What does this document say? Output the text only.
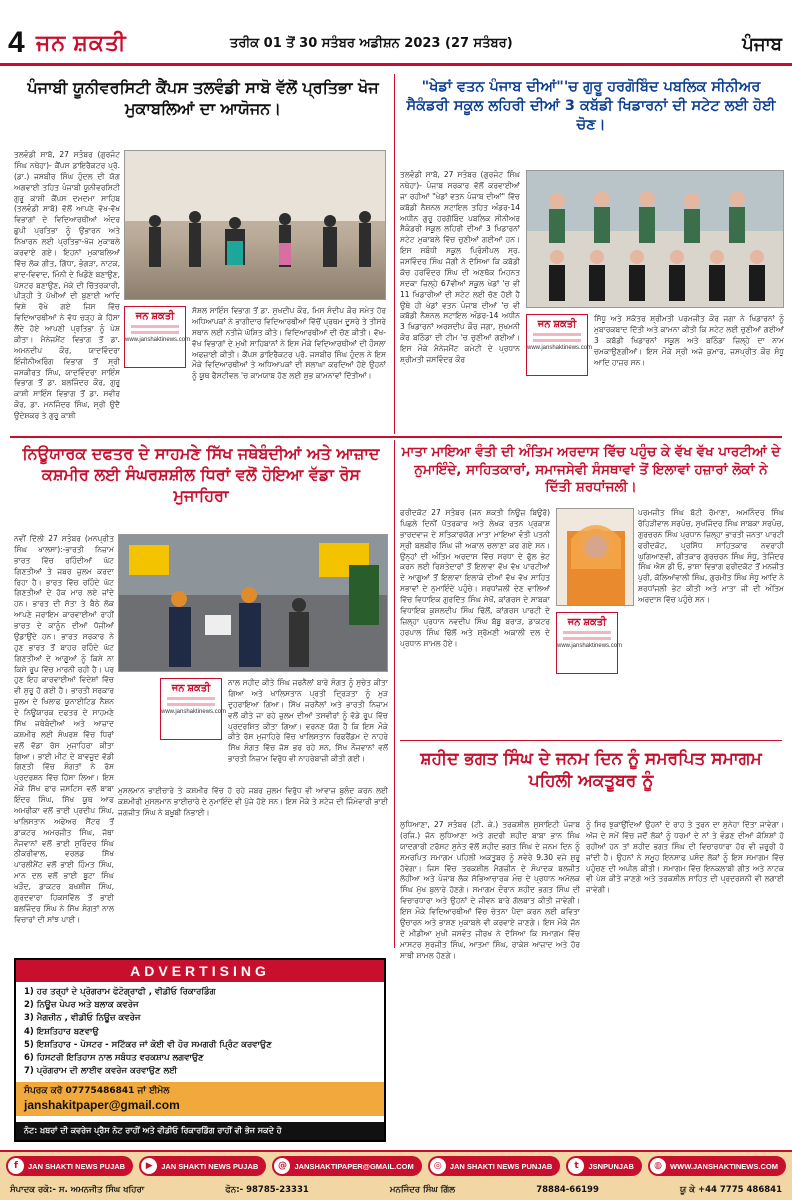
4 ਜਨ ਸ਼ਕਤੀ	ਤਰੀਕ 01 ਤੋਂ 30 ਸਤੰਬਰ ਅਡੀਸ਼ਨ 2023 (27 ਸਤੰਬਰ)	ਪੰਜਾਬ
ਪੰਜਾਬੀ ਯੂਨੀਵਰਸਿਟੀ ਕੈਂਪਸ ਤਲਵੰਡੀ ਸਾਬੋ ਵੱਲੋਂ ਪ੍ਰਤਿਭਾ ਖੋਜ ਮੁਕਾਬਲਿਆਂ ਦਾ ਆਯੋਜਨ।
ਤਲਵੰਡੀ ਸਾਬੋ, 27 ਸਤੰਬਰ (ਗੁਰਜੰਟ ਸਿੰਘ ਨਥੇਹਾ)- ਕੈਂਪਸ ਡਾਇਰੈਕਟਰ ਪ੍ਰੋ. (ਡਾ.) ਜਸਬੀਰ ਸਿੰਘ ਹੁੰਦਲ ਦੀ ਯੋਗ ਅਗਵਾਈ ਤਹਿਤ ਪੰਜਾਬੀ ਯੂਨੀਵਰਸਿਟੀ ਗੁਰੂ ਕਾਸ਼ੀ ਕੈਂਪਸ ਦਮਦਮਾ ਸਾਹਿਬ (ਤਲਵੰਡੀ ਸਾਬੋ) ਵੱਲੋਂ ਆਪਣੇ ਵੱਖ-ਵੱਖ ਵਿਭਾਗਾਂ ਦੇ ਵਿਦਿਆਰਥੀਆਂ ਅੰਦਰ ਛੁਪੀ ਪ੍ਰਤਿਭਾ ਨੂੰ ਉਭਾਰਨ ਅਤੇ ਨਿਖਾਰਨ ਲਈ ਪ੍ਰਤਿਭਾ-ਖੋਜ ਮੁਕਾਬਲੇ ਕਰਵਾਏ ਗਏ। ਇਹਨਾਂ ਮੁਕਾਬਲਿਆਂ ਵਿੱਚ ਲੋਕ ਗੀਤ, ਗਿੱਧਾ, ਭੰਗੜਾ, ਨਾਟਕ, ਵਾਦ-ਵਿਵਾਦ, ਮਿੰਨੀ ਦੇ ਖਿਡੌਣੇ ਬਣਾਉਣ, ਪੋਸਟਰ ਬਣਾਉਣ, ਮੋਕੇ ਦੀ ਚਿੱਤਰਕਾਰੀ, ਪੀੜ੍ਹੀ ਤੇ ਪੱਖੀਆਂ ਦੀ ਬੁਣਾਈ ਆਦਿ ਵਿਸ਼ੇ ਰੱਖੇ ਗਏ ਜਿਸ ਵਿੱਚ ਵਿਦਿਆਰਥੀਆਂ ਨੇ ਵੱਧ ਚੜ੍ਹ ਕੇ ਹਿੱਸਾ ਲੈਂਦੇ ਹੋਏ ਆਪਣੀ ਪ੍ਰਤਿਭਾ ਨੂੰ ਪੇਸ਼ ਕੀਤਾ। ਮੈਨੇਜਮੈਂਟ ਵਿਭਾਗ ਤੋਂ ਡਾ. ਅਮਨਦੀਪ ਕੌਰ, ਯਾਦਵਿੰਦਰਾ ਇੰਜੀਨੀਅਰਿੰਗ ਵਿਭਾਗ ਤੋਂ ਸ੍ਰੀ ਜਸਕੀਰਤ ਸਿੰਘ, ਯਾਦਵਿੰਦਰਾ ਸਾਇੰਸ ਵਿਭਾਗ ਤੋਂ ਡਾ. ਬਲਜਿੰਦਰ ਕੌਰ, ਗੁਰੂ ਕਾਸ਼ੀ ਸਾਇੰਸ ਵਿਭਾਗ ਤੋਂ ਡਾ. ਸਵੀਰ ਕੌਰ, ਡਾ. ਮਨਜਿੰਦਰ ਸਿੰਘ, ਸ੍ਰੀ ਉਦੈ ਉਦੇਸ਼ਕਰ ਤੇ ਗੁਰੂ ਕਾਸ਼ੀ
ਜਨ ਸ਼ਕਤੀ
www.janshaktinews.com
ਸੋਸ਼ਲ ਸਾਇੰਸ ਵਿਭਾਗ ਤੋਂ ਡਾ. ਸੁਖਦੀਪ ਕੌਰ, ਮਿਸ ਸੰਦੀਪ ਕੌਰ ਸਮੇਤ ਹੋਰ ਅਧਿਆਪਕਾਂ ਨੇ ਭਾਗੀਦਾਰ ਵਿਦਿਆਰਥੀਆਂ ਵਿੱਚੋਂ ਪ੍ਰਥਮ ਦੂਸਰੇ ਤੇ ਤੀਸਰੇ ਸਥਾਨ ਲਈ ਨਤੀਜੇ ਘੋਸ਼ਿਤ ਕੀਤੇ। ਵਿਦਿਆਰਥੀਆਂ ਦੀ ਚੋਣ ਕੀਤੀ। ਵੱਖ-ਵੱਖ ਵਿਭਾਗਾਂ ਦੇ ਮੁਖੀ ਸਾਹਿਬਾਨਾਂ ਨੇ ਇਸ ਮੌਕੇ ਵਿਦਿਆਰਥੀਆਂ ਦੀ ਹੌਸਲਾ ਅਫਜ਼ਾਈ ਕੀਤੀ। ਕੈਂਪਸ ਡਾਇਰੈਕਟਰ ਪ੍ਰੋ. ਜਸਬੀਰ ਸਿੰਘ ਹੁੰਦਲ ਨੇ ਇਸ ਮੌਕੇ ਵਿਦਿਆਰਥੀਆਂ ਤੇ ਅਧਿਆਪਕਾਂ ਦੀ ਸ਼ਲਾਘਾ ਕਰਦਿਆਂ ਹੋਏ ਉਹਨਾਂ ਨੂੰ ਯੂਥ ਫੈਸਟੀਵਲ 'ਚ ਕਾਮਯਾਬ ਹੋਣ ਲਈ ਸ਼ੁਭ ਕਾਮਨਾਵਾਂ ਦਿੱਤੀਆਂ।
"ਖੇਡਾਂ ਵਤਨ ਪੰਜਾਬ ਦੀਆਂ"'ਚ ਗੁਰੂ ਹਰਗੋਬਿੰਦ ਪਬਲਿਕ ਸੀਨੀਅਰ ਸੈਕੰਡਰੀ ਸਕੂਲ ਲਹਿਰੀ ਦੀਆਂ 3 ਕਬੱਡੀ ਖਿਡਾਰਨਾਂ ਦੀ ਸਟੇਟ ਲਈ ਹੋਈ ਚੋਣ।
ਤਲਵੰਡੀ ਸਾਬੋ, 27 ਸਤੰਬਰ (ਗੁਰਜੰਟ ਸਿੰਘ ਨਥੇਹਾ)- ਪੰਜਾਬ ਸਰਕਾਰ ਵੱਲੋਂ ਕਰਵਾਈਆਂ ਜਾ ਰਹੀਆਂ "ਖੇਡਾਂ ਵਤਨ ਪੰਜਾਬ ਦੀਆਂ" ਵਿੱਚ ਕਬੱਡੀ ਨੈਸ਼ਨਲ ਸਟਾਇਲ ਤਹਿਤ ਅੰਡਰ-14 ਅਧੀਨ ਗੁਰੂ ਹਰਗੋਬਿੰਦ ਪਬਲਿਕ ਸੀਨੀਅਰ ਸੈਕੰਡਰੀ ਸਕੂਲ ਲਹਿਰੀ ਦੀਆਂ 3 ਖਿਡਾਰਨਾਂ ਸਟੇਟ ਮੁਕਾਬਲੇ ਵਿੱਚ ਚੁਣੀਆਂ ਗਈਆਂ ਹਨ। ਇਸ ਸਬੰਧੀ ਸਕੂਲ ਪ੍ਰਿੰਸੀਪਲ ਸ੍ਰ. ਜਸਵਿੰਦਰ ਸਿੰਘ ਜੋਗੀ ਨੇ ਦੱਸਿਆ ਕਿ ਕਬੱਡੀ ਕੋਚ ਹਰਵਿੰਦਰ ਸਿੰਘ ਦੀ ਅਣਥੱਕ ਮਿਹਨਤ ਸਦਕਾ ਜ਼ਿਲ੍ਹੇ 67ਵੀਆਂ ਸਕੂਲ ਖੇਡਾਂ 'ਚ ਵੀ 11 ਖਿਡਾਰੀਆਂ ਦੀ ਸਟੇਟ ਲਈ ਚੋਣ ਹੋਈ ਹੈ ਉਥੇ ਹੀ ਖੇਡਾਂ ਵਤਨ ਪੰਜਾਬ ਦੀਆਂ 'ਚ ਵੀ ਕਬੱਡੀ ਨੈਸ਼ਨਲ ਸਟਾਇਲ ਅੰਡਰ-14 ਅਧੀਨ 3 ਖਿਡਾਰਨਾਂ ਅਰਸ਼ਦੀਪ ਕੌਰ ਜਗਾ, ਸੁਖਮਨੀ ਕੌਰ ਬਠਿੰਡਾ ਦੀ ਟੀਮ 'ਚ ਚੁਣੀਆਂ ਗਈਆਂ। ਇਸ ਮੌਕੇ ਮੈਨੇਜਮੈਂਟ ਕਮੇਟੀ ਦੇ ਪ੍ਰਧਾਨ ਸ਼੍ਰੀਮਤੀ ਜਸਵਿੰਦਰ ਕੌਰ
ਜਨ ਸ਼ਕਤੀ
www.janshaktinews.com
ਸਿੱਧੂ ਅਤੇ ਸਕੱਤਰ ਸ਼੍ਰੀਮਤੀ ਪਰਮਜੀਤ ਕੌਰ ਜਗਾ ਨੇ ਖਿਡਾਰਨਾਂ ਨੂੰ ਮੁਬਾਰਕਬਾਦ ਦਿੱਤੀ ਅਤੇ ਕਾਮਨਾ ਕੀਤੀ ਕਿ ਸਟੇਟ ਲਈ ਚੁਣੀਆਂ ਗਈਆਂ 3 ਕਬੱਡੀ ਖਿਡਾਰਨਾਂ ਸਕੂਲ ਅਤੇ ਬਠਿੰਡਾ ਜ਼ਿਲ੍ਹੇ ਦਾ ਨਾਮ ਚਮਕਾਉਣਗੀਆਂ। ਇਸ ਮੌਕੇ ਸ੍ਰੀ ਅਜੇ ਕੁਮਾਰ, ਜਸਪ੍ਰੀਤ ਕੌਰ ਸੰਧੂ ਆਦਿ ਹਾਜ਼ਰ ਸਨ।
ਨਿਊਯਾਰਕ ਦਫਤਰ ਦੇ ਸਾਹਮਣੇ ਸਿੱਖ ਜਥੇਬੰਦੀਆਂ ਅਤੇ ਆਜ਼ਾਦ ਕਸ਼ਮੀਰ ਲਈ ਸੰਘਰਸ਼ਸ਼ੀਲ ਧਿਰਾਂ ਵਲੋਂ ਹੋਇਆ ਵੱਡਾ ਰੋਸ ਮੁਜਾਹਿਰਾ
ਨਵੀਂ ਦਿੱਲੀ 27 ਸਤੰਬਰ (ਮਨਪ੍ਰੀਤ ਸਿੰਘ ਖਾਲਸਾ):-ਭਾਰਤੀ ਨਿਜ਼ਾਮ ਭਾਰਤ ਵਿੱਚ ਰਹਿੰਦੀਆਂ ਘੱਟ ਗਿਣਤੀਆਂ ਤੇ ਜਬਰ ਜ਼ੁਲਮ ਕਰਦਾ ਰਿਹਾ ਹੈ। ਭਾਰਤ ਵਿੱਚ ਰਹਿੰਦੇ ਘੱਟ ਗਿਣਤੀਆਂ ਦੇ ਹੱਕ ਮਾਰ ਲਏ ਜਾਂਦੇ ਹਨ। ਭਾਰਤ ਦੀ ਸੱਤਾ ਤੇ ਬੈਠੇ ਲੋਕ ਆਪਣੇ ਜਰਾਇਮ ਕਾਰਵਾਈਆਂ ਰਾਹੀਂ ਭਾਰਤ ਦੇ ਕਾਨੂੰਨ ਦੀਆਂ ਧੱਜੀਆਂ ਉਡਾਉਂਦੇ ਹਨ। ਭਾਰਤ ਸਰਕਾਰ ਨੇ ਹੁਣ ਭਾਰਤ ਤੋਂ ਬਾਹਰ ਰਹਿੰਦੇ ਘੱਟ ਗਿਣਤੀਆਂ ਦੇ ਆਗੂਆਂ ਨੂੰ ਕਿਸੇ ਨਾ ਕਿਸੇ ਰੂਪ ਵਿੱਚ ਮਾਰਨੀ ਰਹੀ ਹੈ। ਪਰ ਹੁਣ ਇਹ ਕਾਰਵਾਈਆਂ ਵਿਦੇਸ਼ਾਂ ਵਿੱਚ ਵੀ ਸ਼ੁਰੂ ਹੋ ਗਈ ਹੈ। ਭਾਰਤੀ ਸਰਕਾਰ ਜ਼ੁਲਮ ਦੇ ਖਿਲਾਫ ਯੂਨਾਈਟਿਡ ਨੈਸ਼ਨ ਦੇ ਨਿਊਯਾਰਕ ਦਫਤਰ ਦੇ ਸਾਹਮਣੇ ਸਿੱਖ ਜਥੇਬੰਦੀਆਂ ਅਤੇ ਆਜ਼ਾਦ ਕਸ਼ਮੀਰ ਲਈ ਸੰਘਰਸ਼ ਵਿੱਚ ਧਿਰਾਂ ਵਲੋਂ ਵੱਡਾ ਰੋਸ ਮੁਜਾਹਿਰਾ ਕੀਤਾ ਗਿਆ। ਭਾਈ ਮੀਟ ਦੇ ਬਾਵਜੂਦ ਵੱਡੀ ਗਿਣਤੀ ਵਿੱਚ ਸੰਗਤਾਂ ਨੇ ਰੋਸ ਪ੍ਰਦਰਸ਼ਨ ਵਿੱਚ ਹਿੱਸਾ ਲਿਆ। ਇਸ ਮੌਕੇ ਸਿੱਖ ਫਾਰ ਜਸਟਿਸ ਵਲੋਂ ਬਾਬਾ ਇੰਦਰ ਸਿੰਘ, ਸਿੱਖ ਯੂਥ ਆਫ ਅਮਰੀਕਾ ਵਲੋਂ ਭਾਈ ਪ੍ਰਦੀਪ ਸਿੰਘ, ਖਾਲਿਸਤਾਨ ਅਫੇਅਰ ਸੈਂਟਰ ਤੋਂ ਡਾਕਟਰ ਅਮਰਜੀਤ ਸਿੰਘ, ਜੱਥਾ ਨੌਜਵਾਨਾਂ ਵਲੋਂ ਭਾਈ ਸੁਰਿੰਦਰ ਸਿੰਘ ਠੀਕਰੀਵਾਲ, ਵਰਲਡ ਸਿੱਖ ਪਾਰਲੀਮੈਂਟ ਵਲੋਂ ਭਾਈ ਹਿੰਮਤ ਸਿੰਘ, ਮਾਨ ਦਲ ਵਲੋਂ ਭਾਈ ਬੂਟਾ ਸਿੰਘ ਖੜੌਦ, ਡਾਕਟਰ ਬਖਸ਼ੀਸ਼ ਸਿੰਘ, ਗੁਰਦਵਾਰਾ ਹਿਕਸਵਿੱਲ ਤੋਂ ਭਾਈ ਬਲਜਿੰਦਰ ਸਿੰਘ ਨੇ ਸਿੱਖ ਸੰਗਤਾਂ ਨਾਲ ਵਿਚਾਰਾਂ ਦੀ ਸਾਂਝ ਪਾਈ।
ਜਨ ਸ਼ਕਤੀ
www.janshaktinews.com
ਨਾਲ ਸਹੀਦ ਕੀਤੇ ਸਿੰਘ ਜਰਨੈਲਾਂ ਬਾਰੇ ਸੰਗਤ ਨੂੰ ਸੁਚੇਤ ਕੀਤਾ ਗਿਆ ਅਤੇ ਖਾਲਿਸਤਾਨ ਪ੍ਰਤੀ ਦ੍ਰਿੜਤਾ ਨੂੰ ਮੁੜ ਦੁਹਰਾਇਆ ਗਿਆ। ਸਿੱਖ ਜਰਨੈਲਾਂ ਅਤੇ ਭਾਰਤੀ ਨਿਜ਼ਾਮ ਵਲੋਂ ਕੀਤੇ ਜਾ ਰਹੇ ਜ਼ੁਲਮ ਦੀਆਂ ਤਸਵੀਰਾਂ ਨੂੰ ਵੱਡੇ ਰੂਪ ਵਿੱਚ ਪ੍ਰਦਰਸ਼ਿਤ ਕੀਤਾ ਗਿਆ। ਵਰਨਣ ਯੋਗ ਹੈ ਕਿ ਇਸ ਮੌਕੇ ਕੀਤੇ ਰੋਸ ਮੁਜਾਹਿਰੇ ਵਿੱਚ ਖਾਲਿਸਤਾਨ ਰਿਫਰੈਂਡਮ ਦੇ ਨਾਹਰੇ ਸਿੱਖ ਸੰਗਤ ਵਿੱਚ ਜੋਸ਼ ਭਰ ਰਹੇ ਸਨ, ਸਿੱਖ ਨੌਜਵਾਨਾਂ ਵਲੋਂ ਭਾਰਤੀ ਨਿਜ਼ਾਮ ਵਿਰੁੱਧ ਵੀ ਨਾਹਰੇਬਾਜ਼ੀ ਕੀਤੀ ਗਈ।
ਮੁਸਲਮਾਨ ਭਾਈਚਾਰੇ ਤੇ ਕਸ਼ਮੀਰ ਵਿੱਚ ਹੋ ਰਹੇ ਜਬਰ ਜ਼ੁਲਮ ਵਿਰੁੱਧ ਵੀ ਆਵਾਜ਼ ਬੁਲੰਦ ਕਰਨ ਲਈ ਕਸ਼ਮੀਰੀ ਮੁਸਲਮਾਨ ਭਾਈਚਾਰੇ ਦੇ ਨੁਮਾਇੰਦੇ ਵੀ ਪੁੱਜੇ ਹੋਏ ਸਨ। ਇਸ ਮੌਕੇ ਤੇ ਸਟੇਜ ਦੀ ਜਿੰਮੇਵਾਰੀ ਭਾਈ ਜਗਜੀਤ ਸਿੰਘ ਨੇ ਬਖੂਬੀ ਨਿਭਾਈ।
ਮਾਤਾ ਮਾਇਆ ਵੰਤੀ ਦੀ ਅੰਤਿਮ ਅਰਦਾਸ ਵਿੱਚ ਪਹੁੰਚ ਕੇ ਵੱਖ ਵੱਖ ਪਾਰਟੀਆਂ ਦੇ ਨੁਮਾਇੰਦੇ, ਸਾਹਿਤਕਾਰਾਂ, ਸਮਾਜਸੇਵੀ ਸੰਸਥਾਵਾਂ ਤੋਂ ਇਲਾਵਾਂ ਹਜ਼ਾਰਾਂ ਲੋਕਾਂ ਨੇ ਦਿੱਤੀ ਸ਼ਰਧਾਂਜਲੀ।
ਫਰੀਦਕੋਟ 27 ਸਤੰਬਰ (ਜਨ ਸ਼ਕਤੀ ਨਿਊਜ਼ ਬਿਊਰੋ) ਪਿਛਲੇ ਦਿਨੀਂ ਪੱਤਰਕਾਰ ਅਤੇ ਲੇਖਕ ਰਤਨ ਪ੍ਰਕਾਸ਼ ਭਾਰਦਵਾਜ ਦੇ ਸਤਿਕਾਰਯੋਗ ਮਾਤਾ ਮਾਇਆ ਵੰਤੀ ਪਤਨੀ ਸ੍ਰੀ ਬਲਬੀਰ ਸਿੰਘ ਜੀ ਅਕਾਲ ਚਲਾਣਾ ਕਰ ਗਏ ਸਨ। ਉਨ੍ਹਾਂ ਦੀ ਅੰਤਿਮ ਅਰਦਾਸ ਵਿੱਚ ਸਰਧਾ ਦੇ ਫੁੱਲ ਭੇਟ ਕਰਨ ਲਈ ਰਿਸ਼ਤੇਦਾਰਾਂ ਤੋਂ ਇਲਾਵਾ ਵੱਖ ਵੱਖ ਪਾਰਟੀਆਂ ਦੇ ਆਗੂਆਂ ਤੋਂ ਇਲਾਵਾ ਇਲਾਕੇ ਦੀਆਂ ਵੱਖ ਵੱਖ ਸਾਹਿਤ ਸਭਾਵਾਂ ਦੇ ਨੁਮਾਇੰਦੇ ਪਹੁੰਚੇ। ਸ਼ਰਧਾਂਜਲੀ ਦੇਣ ਵਾਲਿਆਂ ਵਿੱਚ ਵਿਧਾਇਕ ਗੁਰਦਿੱਤ ਸਿੰਘ ਸੇਖੋਂ, ਕਾਂਗਰਸ ਦੇ ਸਾਬਕਾ ਵਿਧਾਇਕ ਕੁਸ਼ਲਦੀਪ ਸਿੰਘ ਢਿੱਲੋਂ, ਕਾਂਗਰਸ ਪਾਰਟੀ ਦੇ ਜ਼ਿਲ੍ਹਾ ਪ੍ਰਧਾਨ ਨਵਦੀਪ ਸਿੰਘ ਬੱਬੂ ਬਰਾੜ, ਡਾਕਟਰ ਹਰਪਾਲ ਸਿੰਘ ਢਿੱਲੋਂ ਅਤੇ ਸ਼੍ਰੋਮਣੀ ਅਕਾਲੀ ਦਲ ਦੇ ਪ੍ਰਧਾਨ ਸ਼ਾਮਲ ਹੋਏ।
ਜਨ ਸ਼ਕਤੀ
www.janshaktinews.com
ਪਰਮਜੀਤ ਸਿੰਘ ਬੱਟੀ ਰੋਮਾਣਾ, ਅਮਨਿੰਦਰ ਸਿੰਘ ਰੋਹਿੜੀਵਾਲ ਸਰਪੰਚ, ਸੁਖਜਿੰਦਰ ਸਿੰਘ ਸਾਬਕਾ ਸਰਪੰਚ, ਗੁਰਚਰਨ ਸਿੰਘ ਪ੍ਰਧਾਨ ਜ਼ਿਲ੍ਹਾ ਭਾਰਤੀ ਜਨਤਾ ਪਾਰਟੀ ਫਰੀਦਕੋਟ, ਪ੍ਰਸਿੱਧ ਸਾਹਿਤਕਾਰ ਨਵਰਾਹੀ ਘੁਗਿਆਣਵੀ, ਗੀਤਕਾਰ ਗੁਰਚਰਨ ਸਿੰਘ ਸੰਧੂ, ਤੇਜਿੰਦਰ ਸਿੰਘ ਐਸ ਡੀ ਓ, ਭਾਸ਼ਾ ਵਿਭਾਗ ਫਰੀਦਕੋਟ ਤੋਂ ਮਨਜੀਤ ਪੁਰੀ, ਕੋਲਿਆਂਵਾਲੀ ਸਿੰਘ, ਗੁਰਮੀਤ ਸਿੰਘ ਸੰਧੂ ਆਦਿ ਨੇ ਸ਼ਰਧਾਂਜਲੀ ਭੇਟ ਕੀਤੀ ਅਤੇ ਮਾਤਾ ਜੀ ਦੀ ਅੰਤਿਮ ਅਰਦਾਸ ਵਿੱਚ ਪਹੁੰਚੇ ਸਨ।
ਸ਼ਹੀਦ ਭਗਤ ਸਿੰਘ ਦੇ ਜਨਮ ਦਿਨ ਨੂੰ ਸਮਰਪਿਤ ਸਮਾਗਮ ਪਹਿਲੀ ਅਕਤੂਬਰ ਨੂੰ
ਲੁਧਿਆਣਾ, 27 ਸਤੰਬਰ (ਟੀ. ਕੇ.) ਤਰਕਸ਼ੀਲ ਸੁਸਾਇਟੀ ਪੰਜਾਬ (ਰਜਿ.) ਜੋਨ ਲੁਧਿਆਣਾ ਅਤੇ ਗਦਰੀ ਸ਼ਹੀਦ ਬਾਬਾ ਭਾਨ ਸਿੰਘ ਯਾਦਗਾਰੀ ਟਰੱਸਟ ਸੁਨੇਤ ਵੱਲੋਂ ਸ਼ਹੀਦ ਭਗਤ ਸਿੰਘ ਦੇ ਜਨਮ ਦਿਨ ਨੂੰ ਸਮਰਪਿਤ ਸਮਾਗਮ ਪਹਿਲੀ ਅਕਤੂਬਰ ਨੂੰ ਸਵੇਰੇ 9.30 ਵਜੇ ਸ਼ੁਰੂ ਹੋਵੇਗਾ। ਜਿਸ ਵਿੱਚ ਤਰਕਸ਼ੀਲ ਮੈਗਜ਼ੀਨ ਦੇ ਸੰਪਾਦਕ ਬਲਜੀਤ ਲੋਹੀਆ ਅਤੇ ਪੰਜਾਬ ਲੋਕ ਸੱਭਿਆਚਾਰਕ ਮੰਚ ਦੇ ਪ੍ਰਧਾਨ ਅਮੋਲਕ ਸਿੰਘ ਮੁੱਖ ਬੁਲਾਰੇ ਹੋਣਗੇ। ਸਮਾਗਮ ਦੌਰਾਨ ਸ਼ਹੀਦ ਭਗਤ ਸਿੰਘ ਦੀ ਵਿਚਾਰਧਾਰਾ ਅਤੇ ਉਹਨਾਂ ਦੇ ਜੀਵਨ ਬਾਰੇ ਗੱਲਬਾਤ ਕੀਤੀ ਜਾਵੇਗੀ। ਇਸ ਮੌਕੇ ਵਿਦਿਆਰਥੀਆਂ ਵਿੱਚ ਚੇਤਨਾ ਪੈਦਾ ਕਰਨ ਲਈ ਕਵਿਤਾ ਉਚਾਰਨ ਅਤੇ ਭਾਸ਼ਣ ਮੁਕਾਬਲੇ ਵੀ ਕਰਵਾਏ ਜਾਣਗੇ। ਇਸ ਮੌਕੇ ਜੋਨ ਦੇ ਮੀਡੀਆ ਮੁਖੀ ਜਸਵੰਤ ਜੀਰਖ ਨੇ ਦੱਸਿਆ ਕਿ ਸਮਾਗਮ ਵਿੱਚ ਮਾਸਟਰ ਸੁਰਜੀਤ ਸਿੰਘ, ਆਤਮਾ ਸਿੰਘ, ਰਾਕੇਸ਼ ਆਜ਼ਾਦ ਅਤੇ ਹੋਰ ਸਾਥੀ ਸ਼ਾਮਲ ਹੋਣਗੇ।
ਨੂੰ ਸਿਰ ਝੁਕਾਉਂਦਿਆਂ ਉਹਨਾਂ ਦੇ ਰਾਹ ਤੇ ਤੁਰਨ ਦਾ ਸੁਨੇਹਾ ਦਿੱਤਾ ਜਾਵੇਗਾ। ਅੱਜ ਦੇ ਸਮੇਂ ਵਿੱਚ ਜਦੋਂ ਲੋਕਾਂ ਨੂੰ ਧਰਮਾਂ ਦੇ ਨਾਂ ਤੇ ਵੰਡਣ ਦੀਆਂ ਕੋਸ਼ਿਸ਼ਾਂ ਹੋ ਰਹੀਆਂ ਹਨ ਤਾਂ ਸ਼ਹੀਦ ਭਗਤ ਸਿੰਘ ਦੀ ਵਿਚਾਰਧਾਰਾ ਹੋਰ ਵੀ ਜ਼ਰੂਰੀ ਹੋ ਜਾਂਦੀ ਹੈ। ਉਹਨਾਂ ਨੇ ਸਮੂਹ ਇਨਸਾਫ ਪਸੰਦ ਲੋਕਾਂ ਨੂੰ ਇਸ ਸਮਾਗਮ ਵਿੱਚ ਪਹੁੰਚਣ ਦੀ ਅਪੀਲ ਕੀਤੀ। ਸਮਾਗਮ ਵਿੱਚ ਇਨਕਲਾਬੀ ਗੀਤ ਅਤੇ ਨਾਟਕ ਵੀ ਪੇਸ਼ ਕੀਤੇ ਜਾਣਗੇ ਅਤੇ ਤਰਕਸ਼ੀਲ ਸਾਹਿਤ ਦੀ ਪ੍ਰਦਰਸ਼ਨੀ ਵੀ ਲਗਾਈ ਜਾਵੇਗੀ।
ADVERTISING
1) ਹਰ ਤਰ੍ਹਾਂ ਦੇ ਪ੍ਰੋਗਰਾਮ ਫੋਟੋਗ੍ਰਾਫੀ , ਵੀਡੀਓ ਰਿਕਾਰਡਿੰਗ
2) ਨਿਊਜ਼ ਪੇਪਰ ਅਤੇ ਬਲਾਕ ਕਵਰੇਜ
3) ਮੈਗਜ਼ੀਨ , ਵੀਡੀਓ ਨਿਊਜ਼ ਕਵਰੇਜ
4) ਇਸ਼ਤਿਹਾਰ ਬਣਵਾਉ
5) ਇਸ਼ਤਿਹਾਰ - ਪੋਸਟਰ - ਸਟਿੱਕਰ ਜਾਂ ਕੋਈ ਵੀ ਹੋਰ ਸਮਗਰੀ ਪ੍ਰਿੰਟ ਕਰਵਾਉਣ
6) ਹਿਸਟਰੀ ਇਤਿਹਾਸ ਨਾਲ ਸਬੰਧਤ ਵਰਕਸ਼ਾਪ ਲਗਵਾਉਣ
7) ਪ੍ਰੋਗਰਾਮ ਦੀ ਲਾਈਵ ਕਵਰੇਜ ਕਰਵਾਉਣ ਲਈ
ਸੰਪਰਕ ਕਰੋ 07775486841 ਜਾਂ ਈਮੇਲ
janshakitpaper@gmail.com
ਨੋਟ: ਖ਼ਬਰਾਂ ਦੀ ਕਵਰੇਜ ਪ੍ਰੈਸ ਨੋਟ ਰਾਹੀਂ ਅਤੇ ਵੀਡੀਓ ਰਿਕਾਰਡਿੰਗ ਰਾਹੀਂ ਵੀ ਭੇਜ ਸਕਦੇ ਹੋ
f	JAN SHAKTI NEWS PUJAB	▶	JAN SHAKTI NEWS PUJAB	@	JANSHAKTIPAPER@GMAIL.COM	◎	JAN SHAKTI NEWS PUNJAB	t	JSNPUNJAB	◍	WWW.JANSHAKTINEWS.COM
ਸੰਪਾਦਕ ਰਕੋ:- ਸ. ਅਮਨਜੀਤ ਸਿੰਘ ਖਹਿਰਾ	ਫੋਨ:- 98785-23331	ਮਨਜਿੰਦਰ ਸਿੰਘ ਗਿੱਲ	78884-66199	ਯੂ ਕੇ +44 7775 486841
